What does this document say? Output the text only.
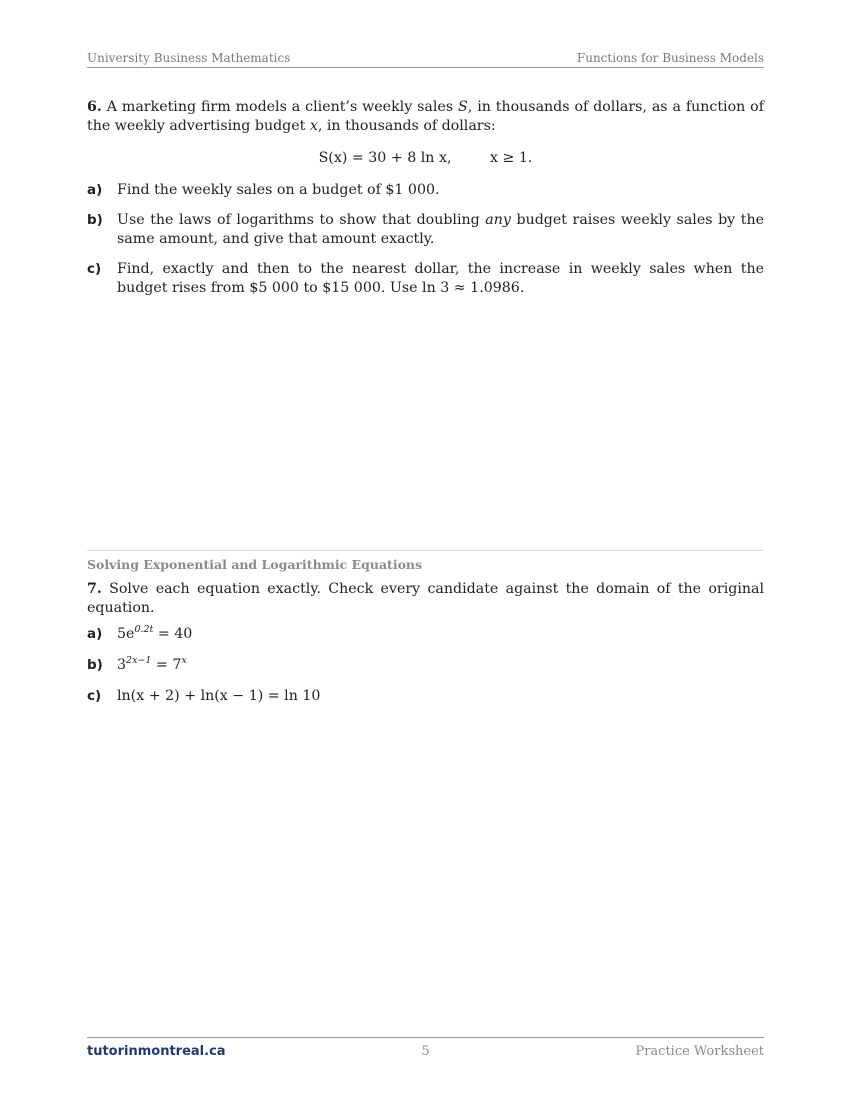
University Business Mathematics	Functions for Business Models

6. A marketing firm models a client’s weekly sales S, in thousands of dollars, as a function of the weekly advertising budget x, in thousands of dollars:

S(x) = 30 + 8 ln x,	x ≥ 1.
a) Find the weekly sales on a budget of $1 000.
b) Use the laws of logarithms to show that doubling any budget raises weekly sales by the same amount, and give that amount exactly.
c) Find, exactly and then to the nearest dollar, the increase in weekly sales when the budget rises from $5 000 to $15 000. Use ln 3 ≈ 1.0986.
Solving Exponential and Logarithmic Equations

7. Solve each equation exactly. Check every candidate against the domain of the original equation.

a) $5e^{0.2t} = 40$
b) $3^{2x-1} = 7^x$
c) ln(x + 2) + ln(x − 1) = ln 10
tutorinmontreal.ca	5	Practice Worksheet
